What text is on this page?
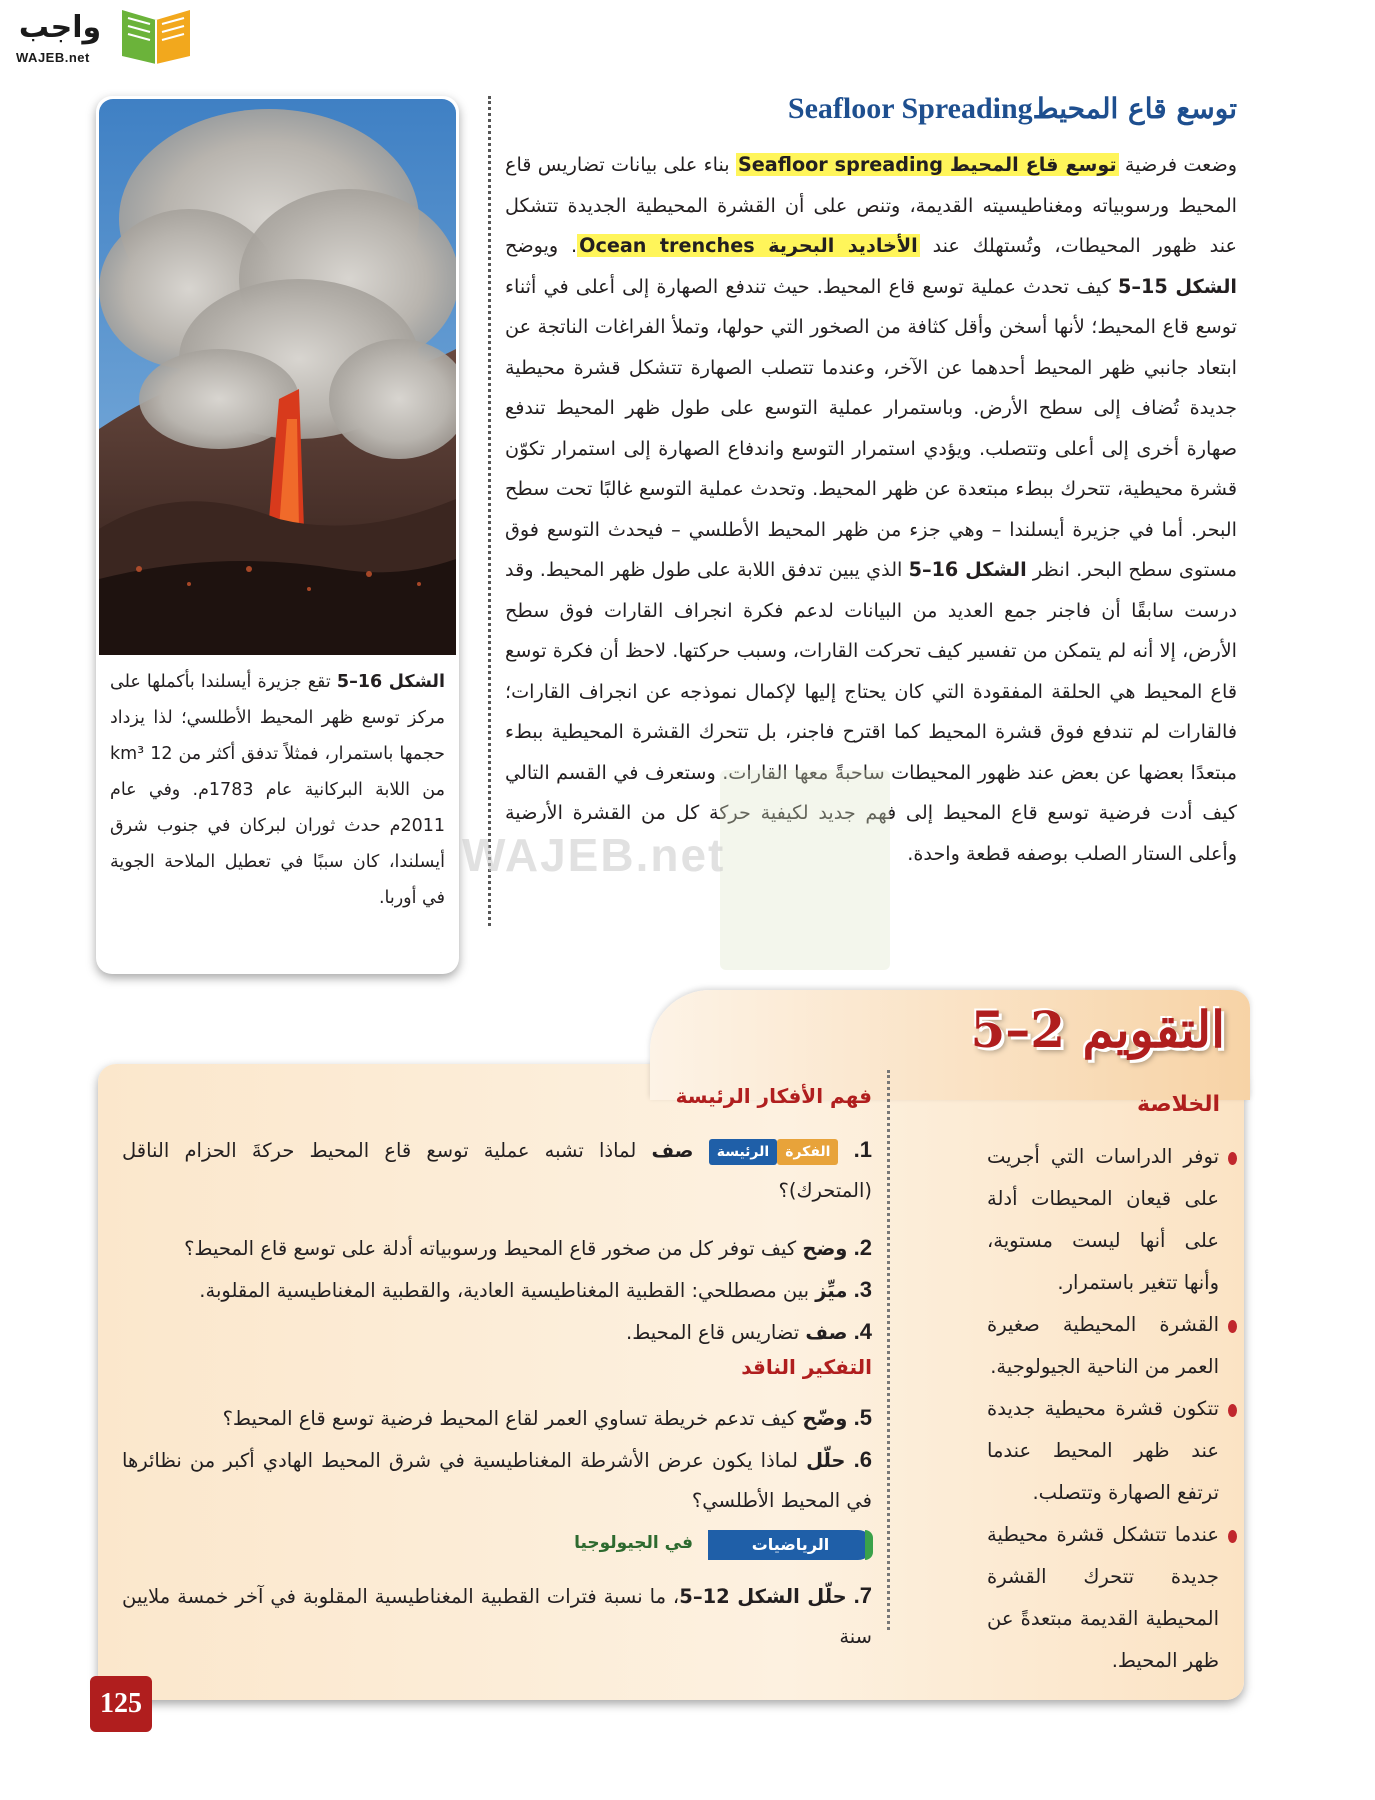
واجب
WAJEB.net

الشكل 16–5 تقع جزيرة أيسلندا بأكملها على مركز توسع ظهر المحيط الأطلسي؛ لذا يزداد حجمها باستمرار، فمثلاً تدفق أكثر من 12 km³ من اللابة البركانية عام 1783م. وفي عام 2011م حدث ثوران لبركان في جنوب شرق أيسلندا، كان سببًا في تعطيل الملاحة الجوية في أوربا.

توسع قاع المحيطSeafloor Spreading

وضعت فرضية توسع قاع المحيط Seafloor spreading بناء على بيانات تضاريس قاع المحيط ورسوبياته ومغناطيسيته القديمة، وتنص على أن القشرة المحيطية الجديدة تتشكل عند ظهور المحيطات، وتُستهلك عند الأخاديد البحرية Ocean trenches. ويوضح الشكل 15–5 كيف تحدث عملية توسع قاع المحيط. حيث تندفع الصهارة إلى أعلى في أثناء توسع قاع المحيط؛ لأنها أسخن وأقل كثافة من الصخور التي حولها، وتملأ الفراغات الناتجة عن ابتعاد جانبي ظهر المحيط أحدهما عن الآخر، وعندما تتصلب الصهارة تتشكل قشرة محيطية جديدة تُضاف إلى سطح الأرض. وباستمرار عملية التوسع على طول ظهر المحيط تندفع صهارة أخرى إلى أعلى وتتصلب. ويؤدي استمرار التوسع واندفاع الصهارة إلى استمرار تكوّن قشرة محيطية، تتحرك ببطء مبتعدة عن ظهر المحيط. وتحدث عملية التوسع غالبًا تحت سطح البحر. أما في جزيرة أيسلندا – وهي جزء من ظهر المحيط الأطلسي – فيحدث التوسع فوق مستوى سطح البحر. انظر الشكل 16–5 الذي يبين تدفق اللابة على طول ظهر المحيط. وقد درست سابقًا أن فاجنر جمع العديد من البيانات لدعم فكرة انجراف القارات فوق سطح الأرض، إلا أنه لم يتمكن من تفسير كيف تحركت القارات، وسبب حركتها. لاحظ أن فكرة توسع قاع المحيط هي الحلقة المفقودة التي كان يحتاج إليها لإكمال نموذجه عن انجراف القارات؛ فالقارات لم تندفع فوق قشرة المحيط كما اقترح فاجنر، بل تتحرك القشرة المحيطية ببطء مبتعدًا بعضها عن بعض عند ظهور المحيطات ساحبةً معها القارات. وستعرف في القسم التالي كيف أدت فرضية توسع قاع المحيط إلى فهم جديد لكيفية حركة كل من القشرة الأرضية وأعلى الستار الصلب بوصفه قطعة واحدة.

WAJEB.net
التقويم 2–5
الخلاصة
توفر الدراسات التي أجريت على قيعان المحيطات أدلة على أنها ليست مستوية، وأنها تتغير باستمرار.
القشرة المحيطية صغيرة العمر من الناحية الجيولوجية.
تتكون قشرة محيطية جديدة عند ظهر المحيط عندما ترتفع الصهارة وتتصلب.
عندما تتشكل قشرة محيطية جديدة تتحرك القشرة المحيطية القديمة مبتعدةً عن ظهر المحيط.
فهم الأفكار الرئيسة

1. الفكرةالرئيسة صف لماذا تشبه عملية توسع قاع المحيط حركةَ الحزام الناقل (المتحرك)؟

2. وضح كيف توفر كل من صخور قاع المحيط ورسوبياته أدلة على توسع قاع المحيط؟

3. ميِّز بين مصطلحي: القطبية المغناطيسية العادية، والقطبية المغناطيسية المقلوبة.

4. صف تضاريس قاع المحيط.

التفكير الناقد

5. وضّح كيف تدعم خريطة تساوي العمر لقاع المحيط فرضية توسع قاع المحيط؟

6. حلّل لماذا يكون عرض الأشرطة المغناطيسية في شرق المحيط الهادي أكبر من نظائرها في المحيط الأطلسي؟

الرياضيات
في الجيولوجيا

7. حلّل الشكل 12–5، ما نسبة فترات القطبية المغناطيسية المقلوبة في آخر خمسة ملايين سنة

125
